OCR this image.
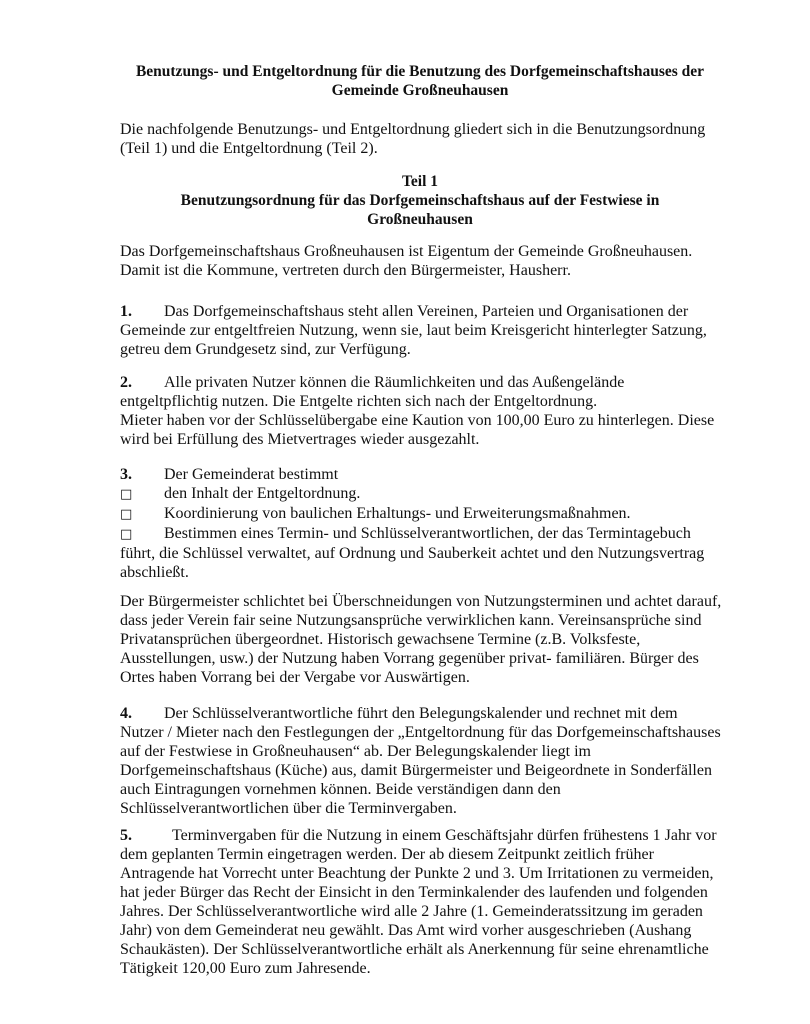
Benutzungs- und Entgeltordnung für die Benutzung des Dorfgemeinschaftshauses der
Gemeinde Großneuhausen
Die nachfolgende Benutzungs- und Entgeltordnung gliedert sich in die Benutzungsordnung
(Teil 1) und die Entgeltordnung (Teil 2).
Teil 1
Benutzungsordnung für das Dorfgemeinschaftshaus auf der Festwiese in
Großneuhausen
Das Dorfgemeinschaftshaus Großneuhausen ist Eigentum der Gemeinde Großneuhausen.
Damit ist die Kommune, vertreten durch den Bürgermeister, Hausherr.
1. Das Dorfgemeinschaftshaus steht allen Vereinen, Parteien und Organisationen der
Gemeinde zur entgeltfreien Nutzung, wenn sie, laut beim Kreisgericht hinterlegter Satzung,
getreu dem Grundgesetz sind, zur Verfügung.
2. Alle privaten Nutzer können die Räumlichkeiten und das Außengelände
entgeltpflichtig nutzen. Die Entgelte richten sich nach der Entgeltordnung.
Mieter haben vor der Schlüsselübergabe eine Kaution von 100,00 Euro zu hinterlegen. Diese
wird bei Erfüllung des Mietvertrages wieder ausgezahlt.
3. Der Gemeinderat bestimmt
□ den Inhalt der Entgeltordnung.
□ Koordinierung von baulichen Erhaltungs- und Erweiterungsmaßnahmen.
□ Bestimmen eines Termin- und Schlüsselverantwortlichen, der das Termintagebuch
führt, die Schlüssel verwaltet, auf Ordnung und Sauberkeit achtet und den Nutzungsvertrag
abschließt.
Der Bürgermeister schlichtet bei Überschneidungen von Nutzungsterminen und achtet darauf,
dass jeder Verein fair seine Nutzungsansprüche verwirklichen kann. Vereinsansprüche sind
Privatansprüchen übergeordnet. Historisch gewachsene Termine (z.B. Volksfeste,
Ausstellungen, usw.) der Nutzung haben Vorrang gegenüber privat- familiären. Bürger des
Ortes haben Vorrang bei der Vergabe vor Auswärtigen.
4. Der Schlüsselverantwortliche führt den Belegungskalender und rechnet mit dem
Nutzer / Mieter nach den Festlegungen der „Entgeltordnung für das Dorfgemeinschaftshauses
auf der Festwiese in Großneuhausen“ ab. Der Belegungskalender liegt im
Dorfgemeinschaftshaus (Küche) aus, damit Bürgermeister und Beigeordnete in Sonderfällen
auch Eintragungen vornehmen können. Beide verständigen dann den
Schlüsselverantwortlichen über die Terminvergaben.
5.	Terminvergaben für die Nutzung in einem Geschäftsjahr dürfen frühestens 1 Jahr vor
dem geplanten Termin eingetragen werden. Der ab diesem Zeitpunkt zeitlich früher
Antragende hat Vorrecht unter Beachtung der Punkte 2 und 3. Um Irritationen zu vermeiden,
hat jeder Bürger das Recht der Einsicht in den Terminkalender des laufenden und folgenden
Jahres. Der Schlüsselverantwortliche wird alle 2 Jahre (1. Gemeinderatssitzung im geraden
Jahr) von dem Gemeinderat neu gewählt. Das Amt wird vorher ausgeschrieben (Aushang
Schaukästen). Der Schlüsselverantwortliche erhält als Anerkennung für seine ehrenamtliche
Tätigkeit 120,00 Euro zum Jahresende.
